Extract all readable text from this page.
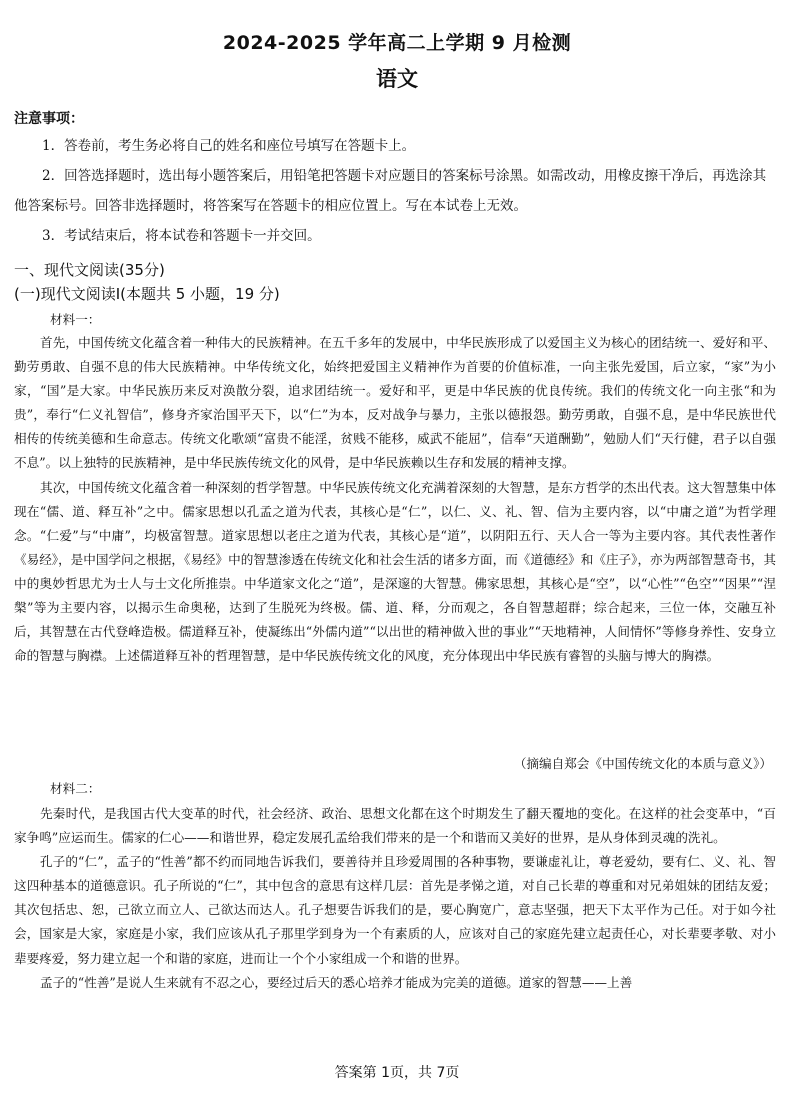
2024-2025 学年高二上学期 9 月检测
语文
注意事项：
1．答卷前，考生务必将自己的姓名和座位号填写在答题卡上。
2．回答选择题时，选出每小题答案后，用铅笔把答题卡对应题目的答案标号涂黑。如需改动，用橡皮擦干净后，再选涂其他答案标号。回答非选择题时，将答案写在答题卡的相应位置上。写在本试卷上无效。
3．考试结束后，将本试卷和答题卡一并交回。
一、现代文阅读(35分)
(一)现代文阅读Ⅰ(本题共 5 小题，19 分)
材料一：

首先，中国传统文化蕴含着一种伟大的民族精神。在五千多年的发展中，中华民族形成了以爱国主义为核心的团结统一、爱好和平、勤劳勇敢、自强不息的伟大民族精神。中华传统文化，始终把爱国主义精神作为首要的价值标准，一向主张先爱国，后立家，“家”为小家，“国”是大家。中华民族历来反对涣散分裂，追求团结统一。爱好和平，更是中华民族的优良传统。我们的传统文化一向主张“和为贵”，奉行“仁义礼智信”，修身齐家治国平天下，以“仁”为本，反对战争与暴力，主张以德报怨。勤劳勇敢，自强不息，是中华民族世代相传的传统美德和生命意志。传统文化歌颂“富贵不能淫，贫贱不能移，威武不能屈”，信奉“天道酬勤”，勉励人们“天行健，君子以自强不息”。以上独特的民族精神，是中华民族传统文化的风骨，是中华民族赖以生存和发展的精神支撑。

其次，中国传统文化蕴含着一种深刻的哲学智慧。中华民族传统文化充满着深刻的大智慧，是东方哲学的杰出代表。这大智慧集中体现在“儒、道、释互补”之中。儒家思想以孔孟之道为代表，其核心是“仁”，以仁、义、礼、智、信为主要内容，以“中庸之道”为哲学理念。“仁爱”与“中庸”，均极富智慧。道家思想以老庄之道为代表，其核心是“道”，以阴阳五行、天人合一等为主要内容。其代表性著作《易经》，是中国学问之根据，《易经》中的智慧渗透在传统文化和社会生活的诸多方面，而《道德经》和《庄子》，亦为两部智慧奇书，其中的奥妙哲思尤为士人与士文化所推崇。中华道家文化之“道”，是深邃的大智慧。佛家思想，其核心是“空”，以“心性”“色空”“因果”“涅槃”等为主要内容，以揭示生命奥秘，达到了生脱死为终极。儒、道、释，分而观之，各自智慧超群；综合起来，三位一体，交融互补后，其智慧在古代登峰造极。儒道释互补，使凝练出“外儒内道”“以出世的精神做入世的事业”“天地精神，人间情怀”等修身养性、安身立命的智慧与胸襟。上述儒道释互补的哲理智慧，是中华民族传统文化的风度，充分体现出中华民族有睿智的头脑与博大的胸襟。

（摘编自郑会《中国传统文化的本质与意义》）
材料二：

先秦时代，是我国古代大变革的时代，社会经济、政治、思想文化都在这个时期发生了翻天覆地的变化。在这样的社会变革中，“百家争鸣”应运而生。儒家的仁心——和谐世界，稳定发展孔孟给我们带来的是一个和谐而又美好的世界，是从身体到灵魂的洗礼。

孔子的“仁”，孟子的“性善”都不约而同地告诉我们，要善待并且珍爱周围的各种事物，要谦虚礼让，尊老爱幼，要有仁、义、礼、智这四种基本的道德意识。孔子所说的“仁”，其中包含的意思有这样几层：首先是孝悌之道，对自己长辈的尊重和对兄弟姐妹的团结友爱；其次包括忠、恕，己欲立而立人、己欲达而达人。孔子想要告诉我们的是，要心胸宽广，意志坚强，把天下太平作为己任。对于如今社会，国家是大家，家庭是小家，我们应该从孔子那里学到身为一个有素质的人，应该对自己的家庭先建立起责任心，对长辈要孝敬、对小辈要疼爱，努力建立起一个和谐的家庭，进而让一个个小家组成一个和谐的世界。

孟子的“性善”是说人生来就有不忍之心，要经过后天的悉心培养才能成为完美的道德。道家的智慧——上善

答案第 1页，共 7页
